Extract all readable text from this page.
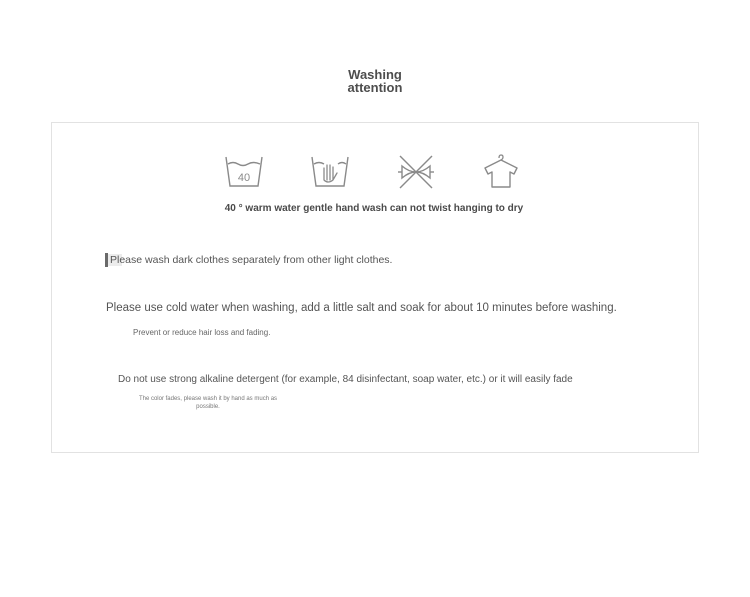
Washing
attention
40
40 ° warm water gentle hand wash can not twist hanging to dry
Please wash dark clothes separately from other light clothes.
Please use cold water when washing, add a little salt and soak for about 10 minutes before washing.
Prevent or reduce hair loss and fading.
Do not use strong alkaline detergent (for example, 84 disinfectant, soap water, etc.) or it will easily fade
The color fades, please wash it by hand as much as
possible.
